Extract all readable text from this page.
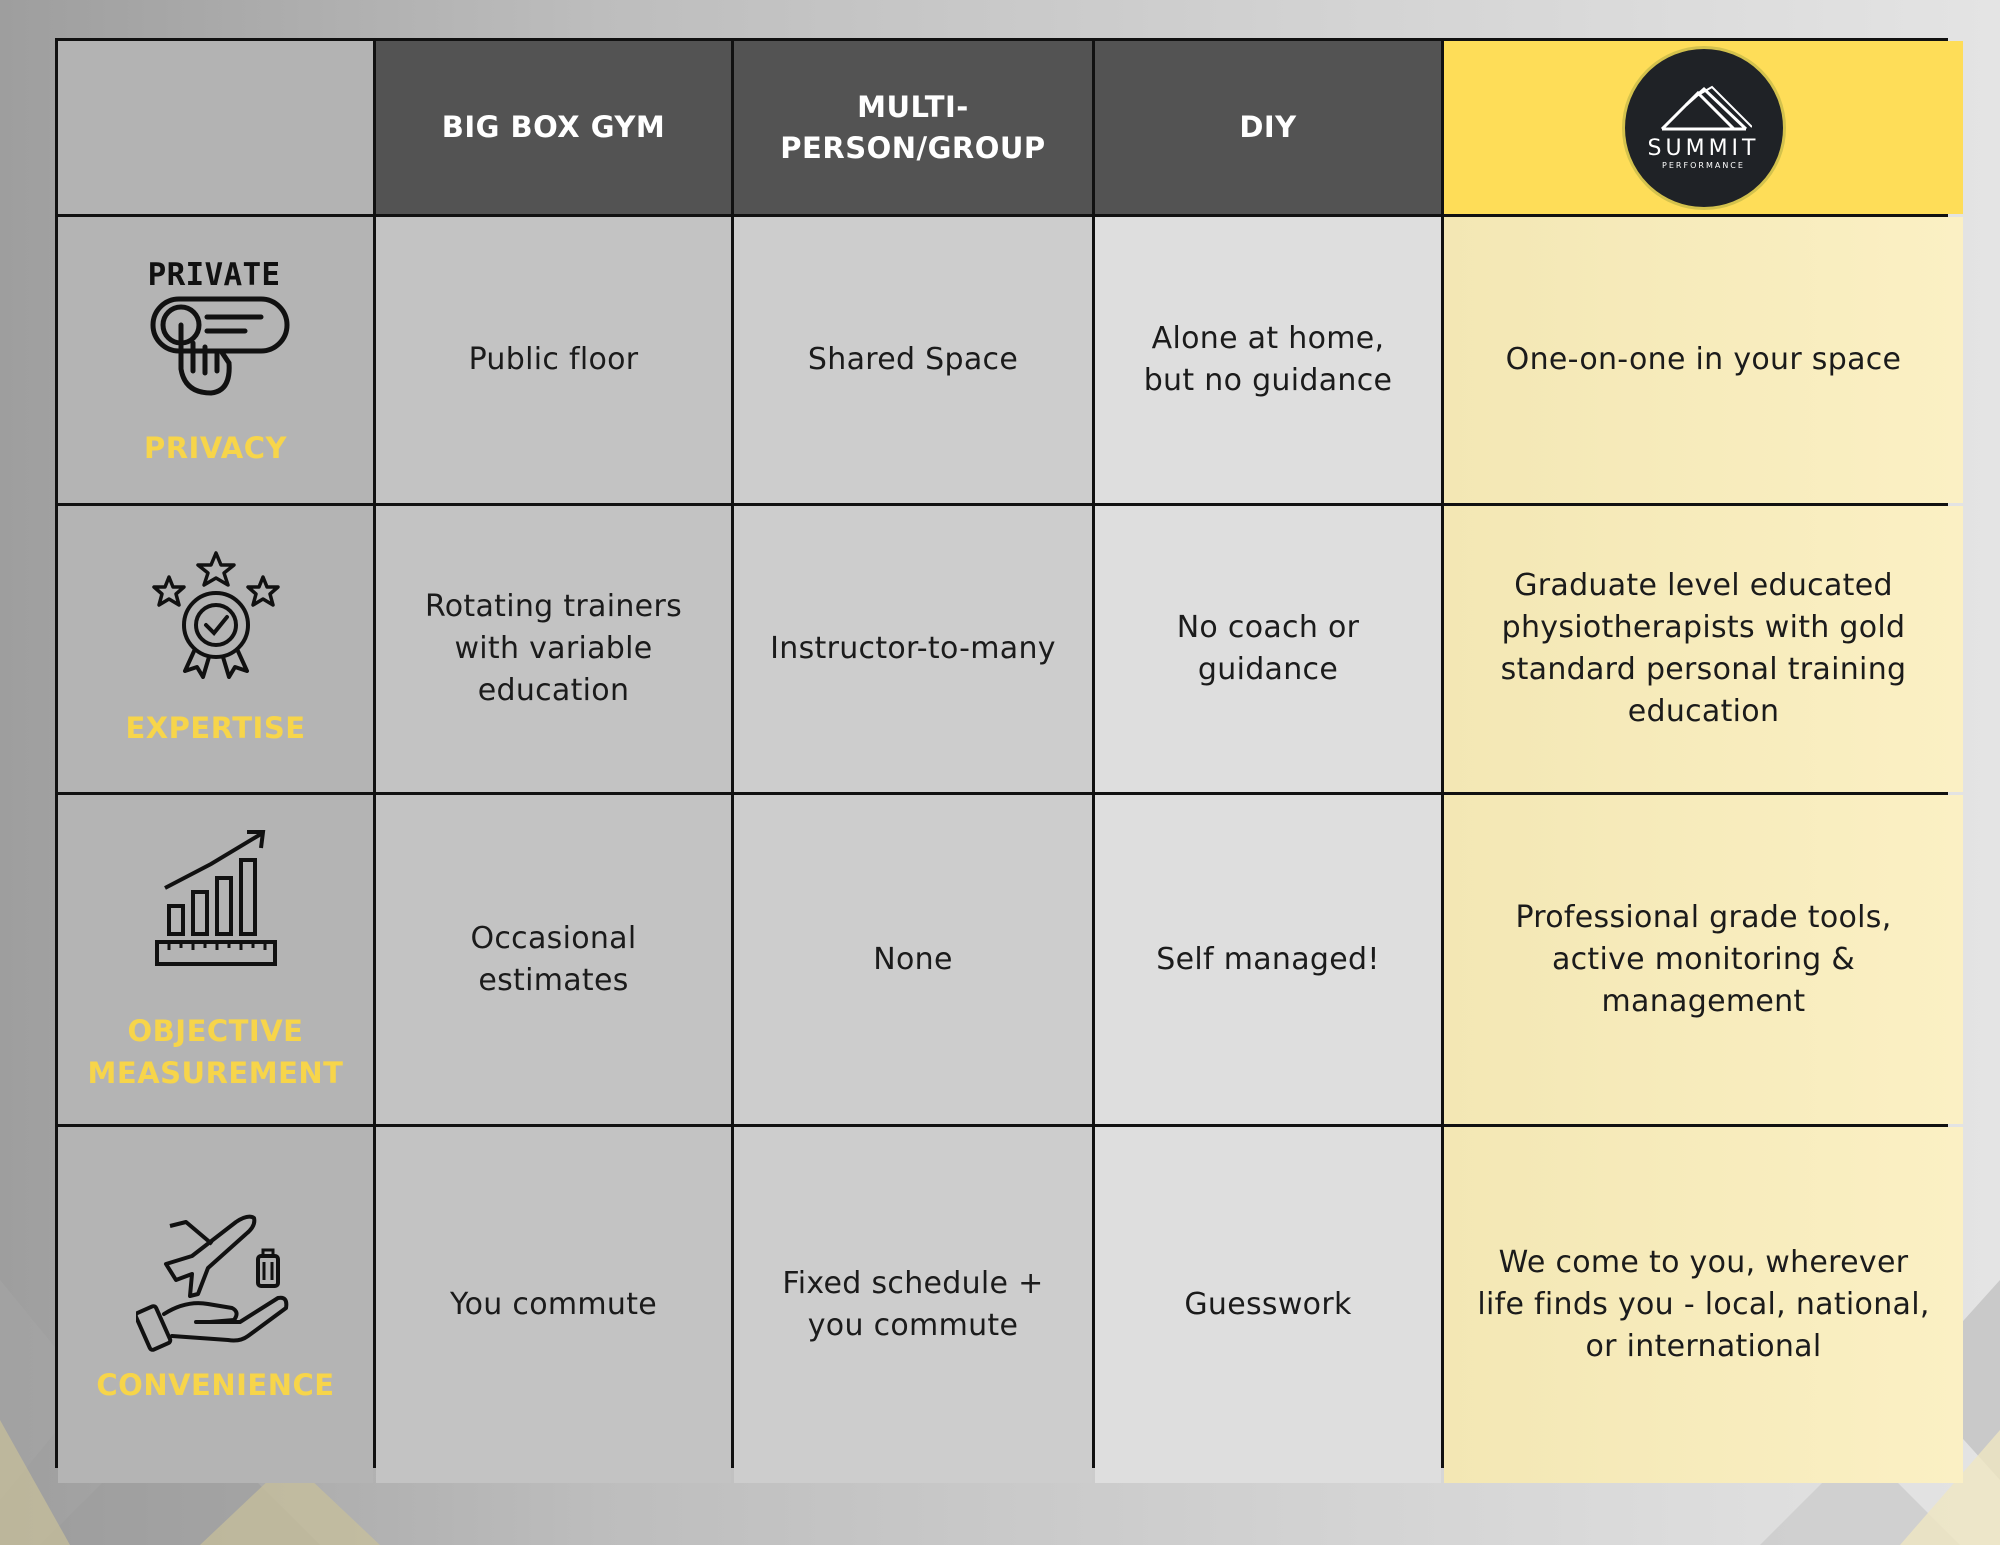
BIG BOX GYM
MULTI-PERSON/GROUP
DIY
SUMMIT
PERFORMANCE
PRIVATE
PRIVACY
Public floor	Shared Space
Alone at home, but no guidance
One-on-one in your space
EXPERTISE
Rotating trainers with variable education
Instructor-to-many
No coach or guidance
Graduate level educated physiotherapists with gold standard personal training education
OBJECTIVE MEASUREMENT
Occasional estimates
None	Self managed!
Professional grade tools, active monitoring & management
CONVENIENCE
You commute
Fixed schedule + you commute
Guesswork
We come to you, wherever life finds you - local, national, or international
